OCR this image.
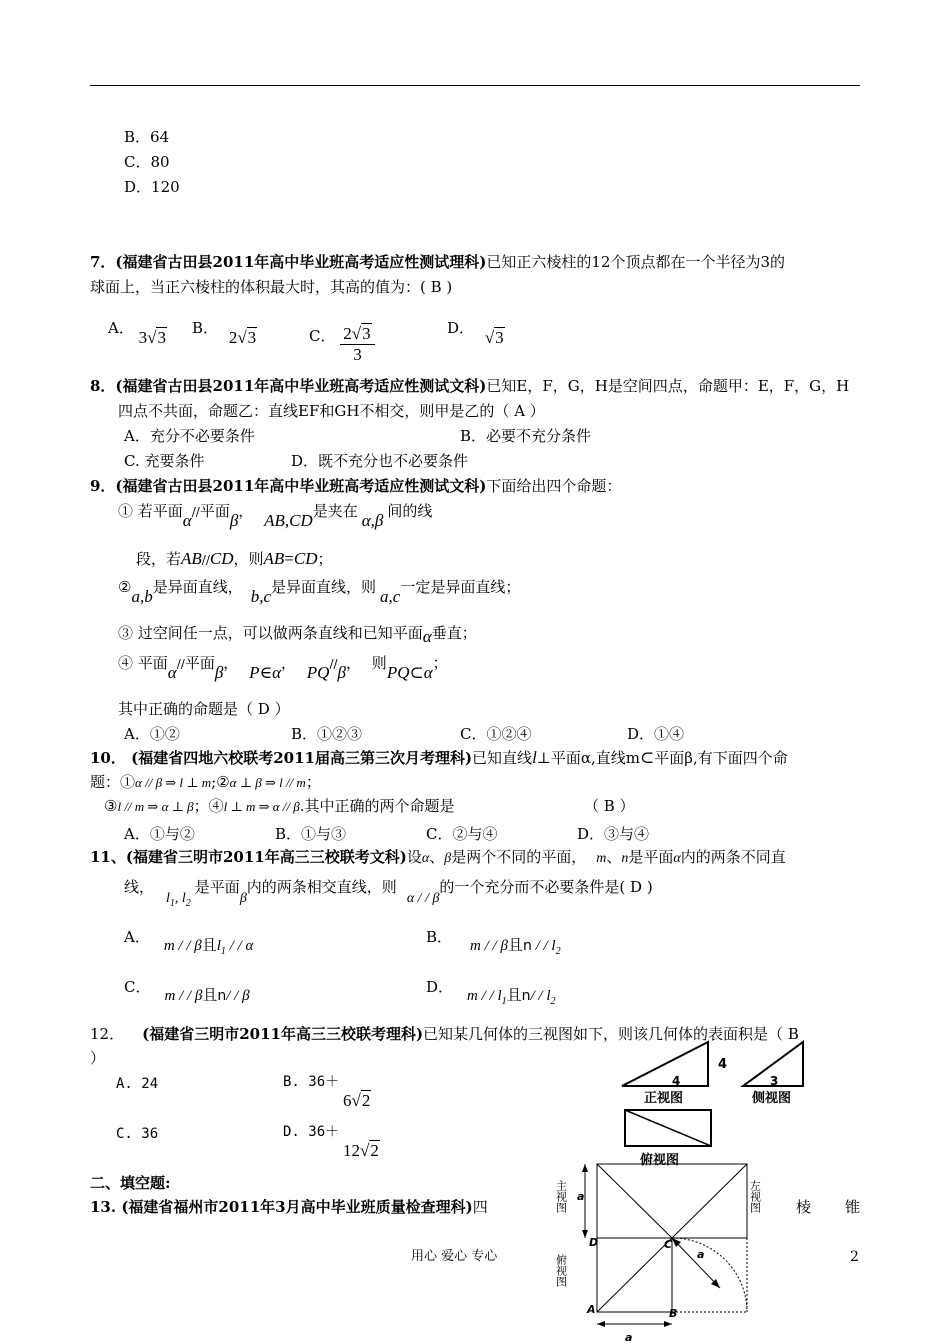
B．64
C．80
D．120
7．(福建省古田县2011年高中毕业班高考适应性测试理科)已知正六棱柱的12个顶点都在一个半径为3的
球面上，当正六棱柱的体积最大时，其高的值为：( B )
A． 3√3 B． 2√3	C． $\frac{2√3}{3}$	D． √3
8．(福建省古田县2011年高中毕业班高考适应性测试文科)已知E，F，G，H是空间四点，命题甲：E，F，G，H
四点不共面，命题乙：直线EF和GH不相交，则甲是乙的（ A ）
A．充分不必要条件	B．必要不充分条件
C. 充要条件	D．既不充分也不必要条件
9．(福建省古田县2011年高中毕业班高考适应性测试文科)下面给出四个命题：
① 若平面α//平面β， AB,CD是夹在 α,β 间的线
段，若AB//CD，则AB=CD；
②a,b是异面直线， b,c是异面直线，则 a,c一定是异面直线；
③ 过空间任一点，可以做两条直线和已知平面α垂直；
④ 平面α//平面β， P∈α， PQ//β， 则PQ⊂α；
其中正确的命题是（ D ）
A．①②	B．①②③	C．①②④	D．①④
10． (福建省四地六校联考2011届高三第三次月考理科)已知直线l⊥平面α,直线m⊂平面β,有下面四个命
题：①α // β ⇒ l ⊥ m;②α ⊥ β ⇒ l // m；
③l // m ⇒ α ⊥ β；④l ⊥ m ⇒ α // β.其中正确的两个命题是	（ B ）
A．①与②	B．①与③	C．②与④	D．③与④
11、(福建省三明市2011年高三三校联考文科)设α、β是两个不同的平面， m、n是平面α内的两条不同直
线，$l_1$, $l_2$是平面β内的两条相交直线，则α / / β的一个充分而不必要条件是( D )
A． m / / β且$l_1$ / / α	B． m / / β且n / / $l_2$
C． m / / β且n/ / β	D． m / / $l_1$且$n/ / l_2$
12． (福建省三明市2011年高三三校联考理科)已知某几何体的三视图如下，则该几何体的表面积是（ B
）
A. 24	B. 36＋
6√2
C. 36	D. 36＋
12√2
4
4	3
正视图	侧视图
俯视图
二、填空题:
13. (福建省福州市2011年3月高中毕业班质量检查理科)四	棱 锥
a
主视图	左视图
a
D	C
A	B
俯视图
a
用心 爱心 专心	2
